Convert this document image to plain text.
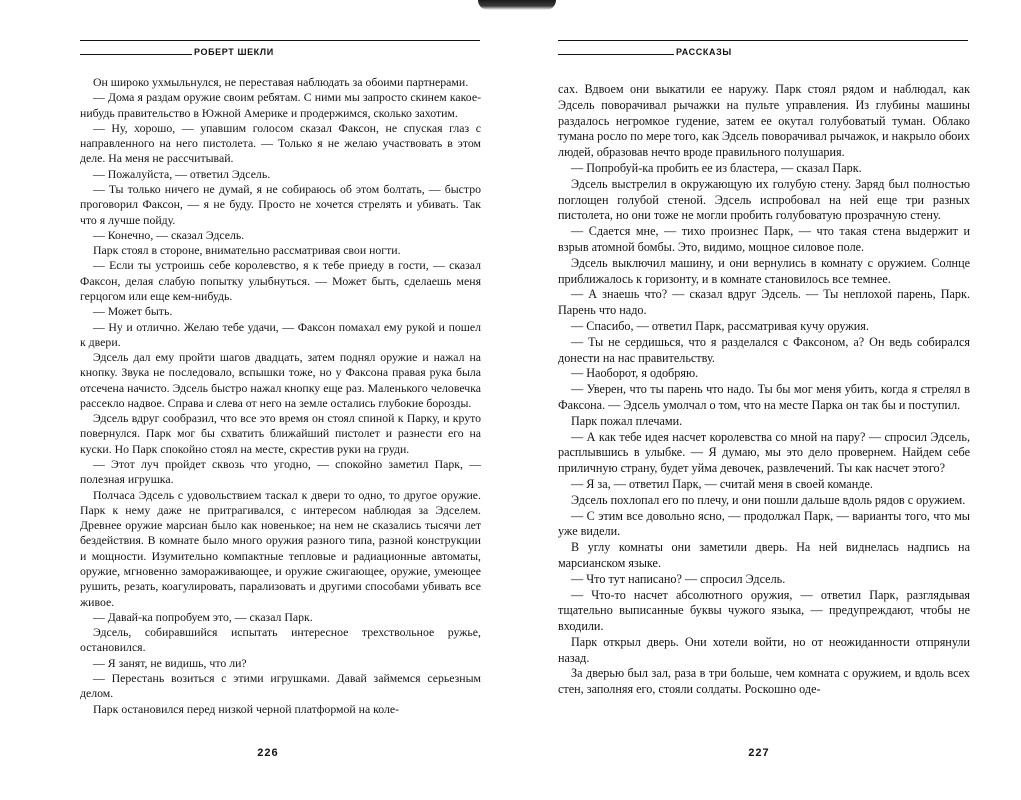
РОБЕРТ ШЕКЛИ

Он широко ухмыльнулся, не переставая наблюдать за обоими партнерами.

— Дома я раздам оружие своим ребятам. С ними мы запросто скинем какое-нибудь правительство в Южной Америке и продержимся, сколько захотим.

— Ну, хорошо, — упавшим голосом сказал Факсон, не спуская глаз с направленного на него пистолета. — Только я не желаю участвовать в этом деле. На меня не рассчитывай.

— Пожалуйста, — ответил Эдсель.

— Ты только ничего не думай, я не собираюсь об этом болтать, — быстро проговорил Факсон, — я не буду. Просто не хочется стрелять и убивать. Так что я лучше пойду.

— Конечно, — сказал Эдсель.

Парк стоял в стороне, внимательно рассматривая свои ногти.

— Если ты устроишь себе королевство, я к тебе приеду в гости, — сказал Факсон, делая слабую попытку улыбнуться. — Может быть, сделаешь меня герцогом или еще кем-нибудь.

— Может быть.

— Ну и отлично. Желаю тебе удачи, — Факсон помахал ему рукой и пошел к двери.

Эдсель дал ему пройти шагов двадцать, затем поднял оружие и нажал на кнопку. Звука не последовало, вспышки тоже, но у Факсона правая рука была отсечена начисто. Эдсель быстро нажал кнопку еще раз. Маленького человечка рассекло надвое. Справа и слева от него на земле остались глубокие борозды.

Эдсель вдруг сообразил, что все это время он стоял спиной к Парку, и круто повернулся. Парк мог бы схватить ближайший пистолет и разнести его на куски. Но Парк спокойно стоял на месте, скрестив руки на груди.

— Этот луч пройдет сквозь что угодно, — спокойно заметил Парк, — полезная игрушка.

Полчаса Эдсель с удовольствием таскал к двери то одно, то другое оружие. Парк к нему даже не притрагивался, с интересом наблюдая за Эдселем. Древнее оружие марсиан было как новенькое; на нем не сказались тысячи лет бездействия. В комнате было много оружия разного типа, разной конструкции и мощности. Изумительно компактные тепловые и радиационные автоматы, оружие, мгновенно замораживающее, и оружие сжигающее, оружие, умеющее рушить, резать, коагулировать, парализовать и другими способами убивать все живое.

— Давай-ка попробуем это, — сказал Парк.

Эдсель, собиравшийся испытать интересное трехствольное ружье, остановился.

— Я занят, не видишь, что ли?

— Перестань возиться с этими игрушками. Давай займемся серьезным делом.

Парк остановился перед низкой черной платформой на коле-

226
РАССКАЗЫ

сах. Вдвоем они выкатили ее наружу. Парк стоял рядом и наблюдал, как Эдсель поворачивал рычажки на пульте управления. Из глубины машины раздалось негромкое гудение, затем ее окутал голубоватый туман. Облако тумана росло по мере того, как Эдсель поворачивал рычажок, и накрыло обоих людей, образовав нечто вроде правильного полушария.

— Попробуй-ка пробить ее из бластера, — сказал Парк.

Эдсель выстрелил в окружающую их голубую стену. Заряд был полностью поглощен голубой стеной. Эдсель испробовал на ней еще три разных пистолета, но они тоже не могли пробить голубоватую прозрачную стену.

— Сдается мне, — тихо произнес Парк, — что такая стена выдержит и взрыв атомной бомбы. Это, видимо, мощное силовое поле.

Эдсель выключил машину, и они вернулись в комнату с оружием. Солнце приближалось к горизонту, и в комнате становилось все темнее.

— А знаешь что? — сказал вдруг Эдсель. — Ты неплохой парень, Парк. Парень что надо.

— Спасибо, — ответил Парк, рассматривая кучу оружия.

— Ты не сердишься, что я разделался с Факсоном, а? Он ведь собирался донести на нас правительству.

— Наоборот, я одобряю.

— Уверен, что ты парень что надо. Ты бы мог меня убить, когда я стрелял в Факсона. — Эдсель умолчал о том, что на месте Парка он так бы и поступил.

Парк пожал плечами.

— А как тебе идея насчет королевства со мной на пару? — спросил Эдсель, расплывшись в улыбке. — Я думаю, мы это дело провернем. Найдем себе приличную страну, будет уйма девочек, развлечений. Ты как насчет этого?

— Я за, — ответил Парк, — считай меня в своей команде.

Эдсель похлопал его по плечу, и они пошли дальше вдоль рядов с оружием.

— С этим все довольно ясно, — продолжал Парк, — варианты того, что мы уже видели.

В углу комнаты они заметили дверь. На ней виднелась надпись на марсианском языке.

— Что тут написано? — спросил Эдсель.

— Что-то насчет абсолютного оружия, — ответил Парк, разглядывая тщательно выписанные буквы чужого языка, — предупреждают, чтобы не входили.

Парк открыл дверь. Они хотели войти, но от неожиданности отпрянули назад.

За дверью был зал, раза в три больше, чем комната с оружием, и вдоль всех стен, заполняя его, стояли солдаты. Роскошно оде-

227
